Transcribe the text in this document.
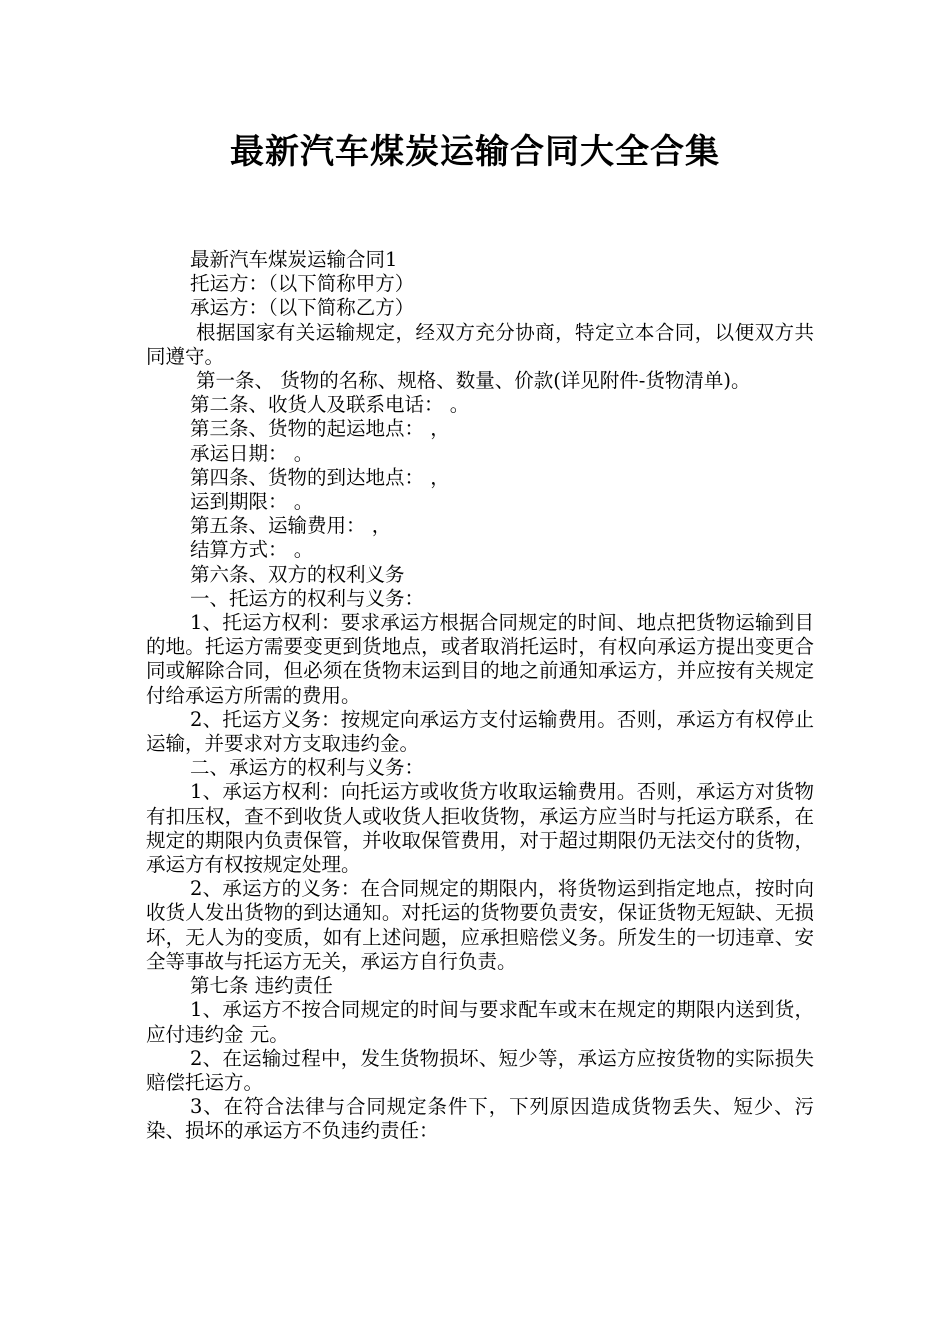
最新汽车煤炭运输合同大全合集

最新汽车煤炭运输合同1

托运方：（以下简称甲方）

承运方：（以下简称乙方）

根据国家有关运输规定，经双方充分协商，特定立本合同，以便双方共同遵守。

第一条、 货物的名称、规格、数量、价款(详见附件-货物清单)。

第二条、收货人及联系电话： 。

第三条、货物的起运地点： ，

承运日期： 。

第四条、货物的到达地点： ，

运到期限： 。

第五条、运输费用： ，

结算方式： 。

第六条、双方的权利义务

一、托运方的权利与义务：

1、托运方权利：要求承运方根据合同规定的时间、地点把货物运输到目的地。托运方需要变更到货地点，或者取消托运时，有权向承运方提出变更合同或解除合同，但必须在货物末运到目的地之前通知承运方，并应按有关规定付给承运方所需的费用。

2、托运方义务：按规定向承运方支付运输费用。否则，承运方有权停止运输，并要求对方支取违约金。

二、承运方的权利与义务：

1、承运方权利：向托运方或收货方收取运输费用。否则，承运方对货物有扣压权，查不到收货人或收货人拒收货物，承运方应当时与托运方联系，在规定的期限内负责保管，并收取保管费用，对于超过期限仍无法交付的货物，承运方有权按规定处理。

2、承运方的义务：在合同规定的期限内，将货物运到指定地点，按时向收货人发出货物的到达通知。对托运的货物要负责安，保证货物无短缺、无损坏，无人为的变质，如有上述问题，应承担赔偿义务。所发生的一切违章、安全等事故与托运方无关，承运方自行负责。

第七条 违约责任

1、承运方不按合同规定的时间与要求配车或末在规定的期限内送到货，应付违约金 元。

2、在运输过程中，发生货物损坏、短少等，承运方应按货物的实际损失赔偿托运方。

3、在符合法律与合同规定条件下，下列原因造成货物丢失、短少、污染、损坏的承运方不负违约责任：
